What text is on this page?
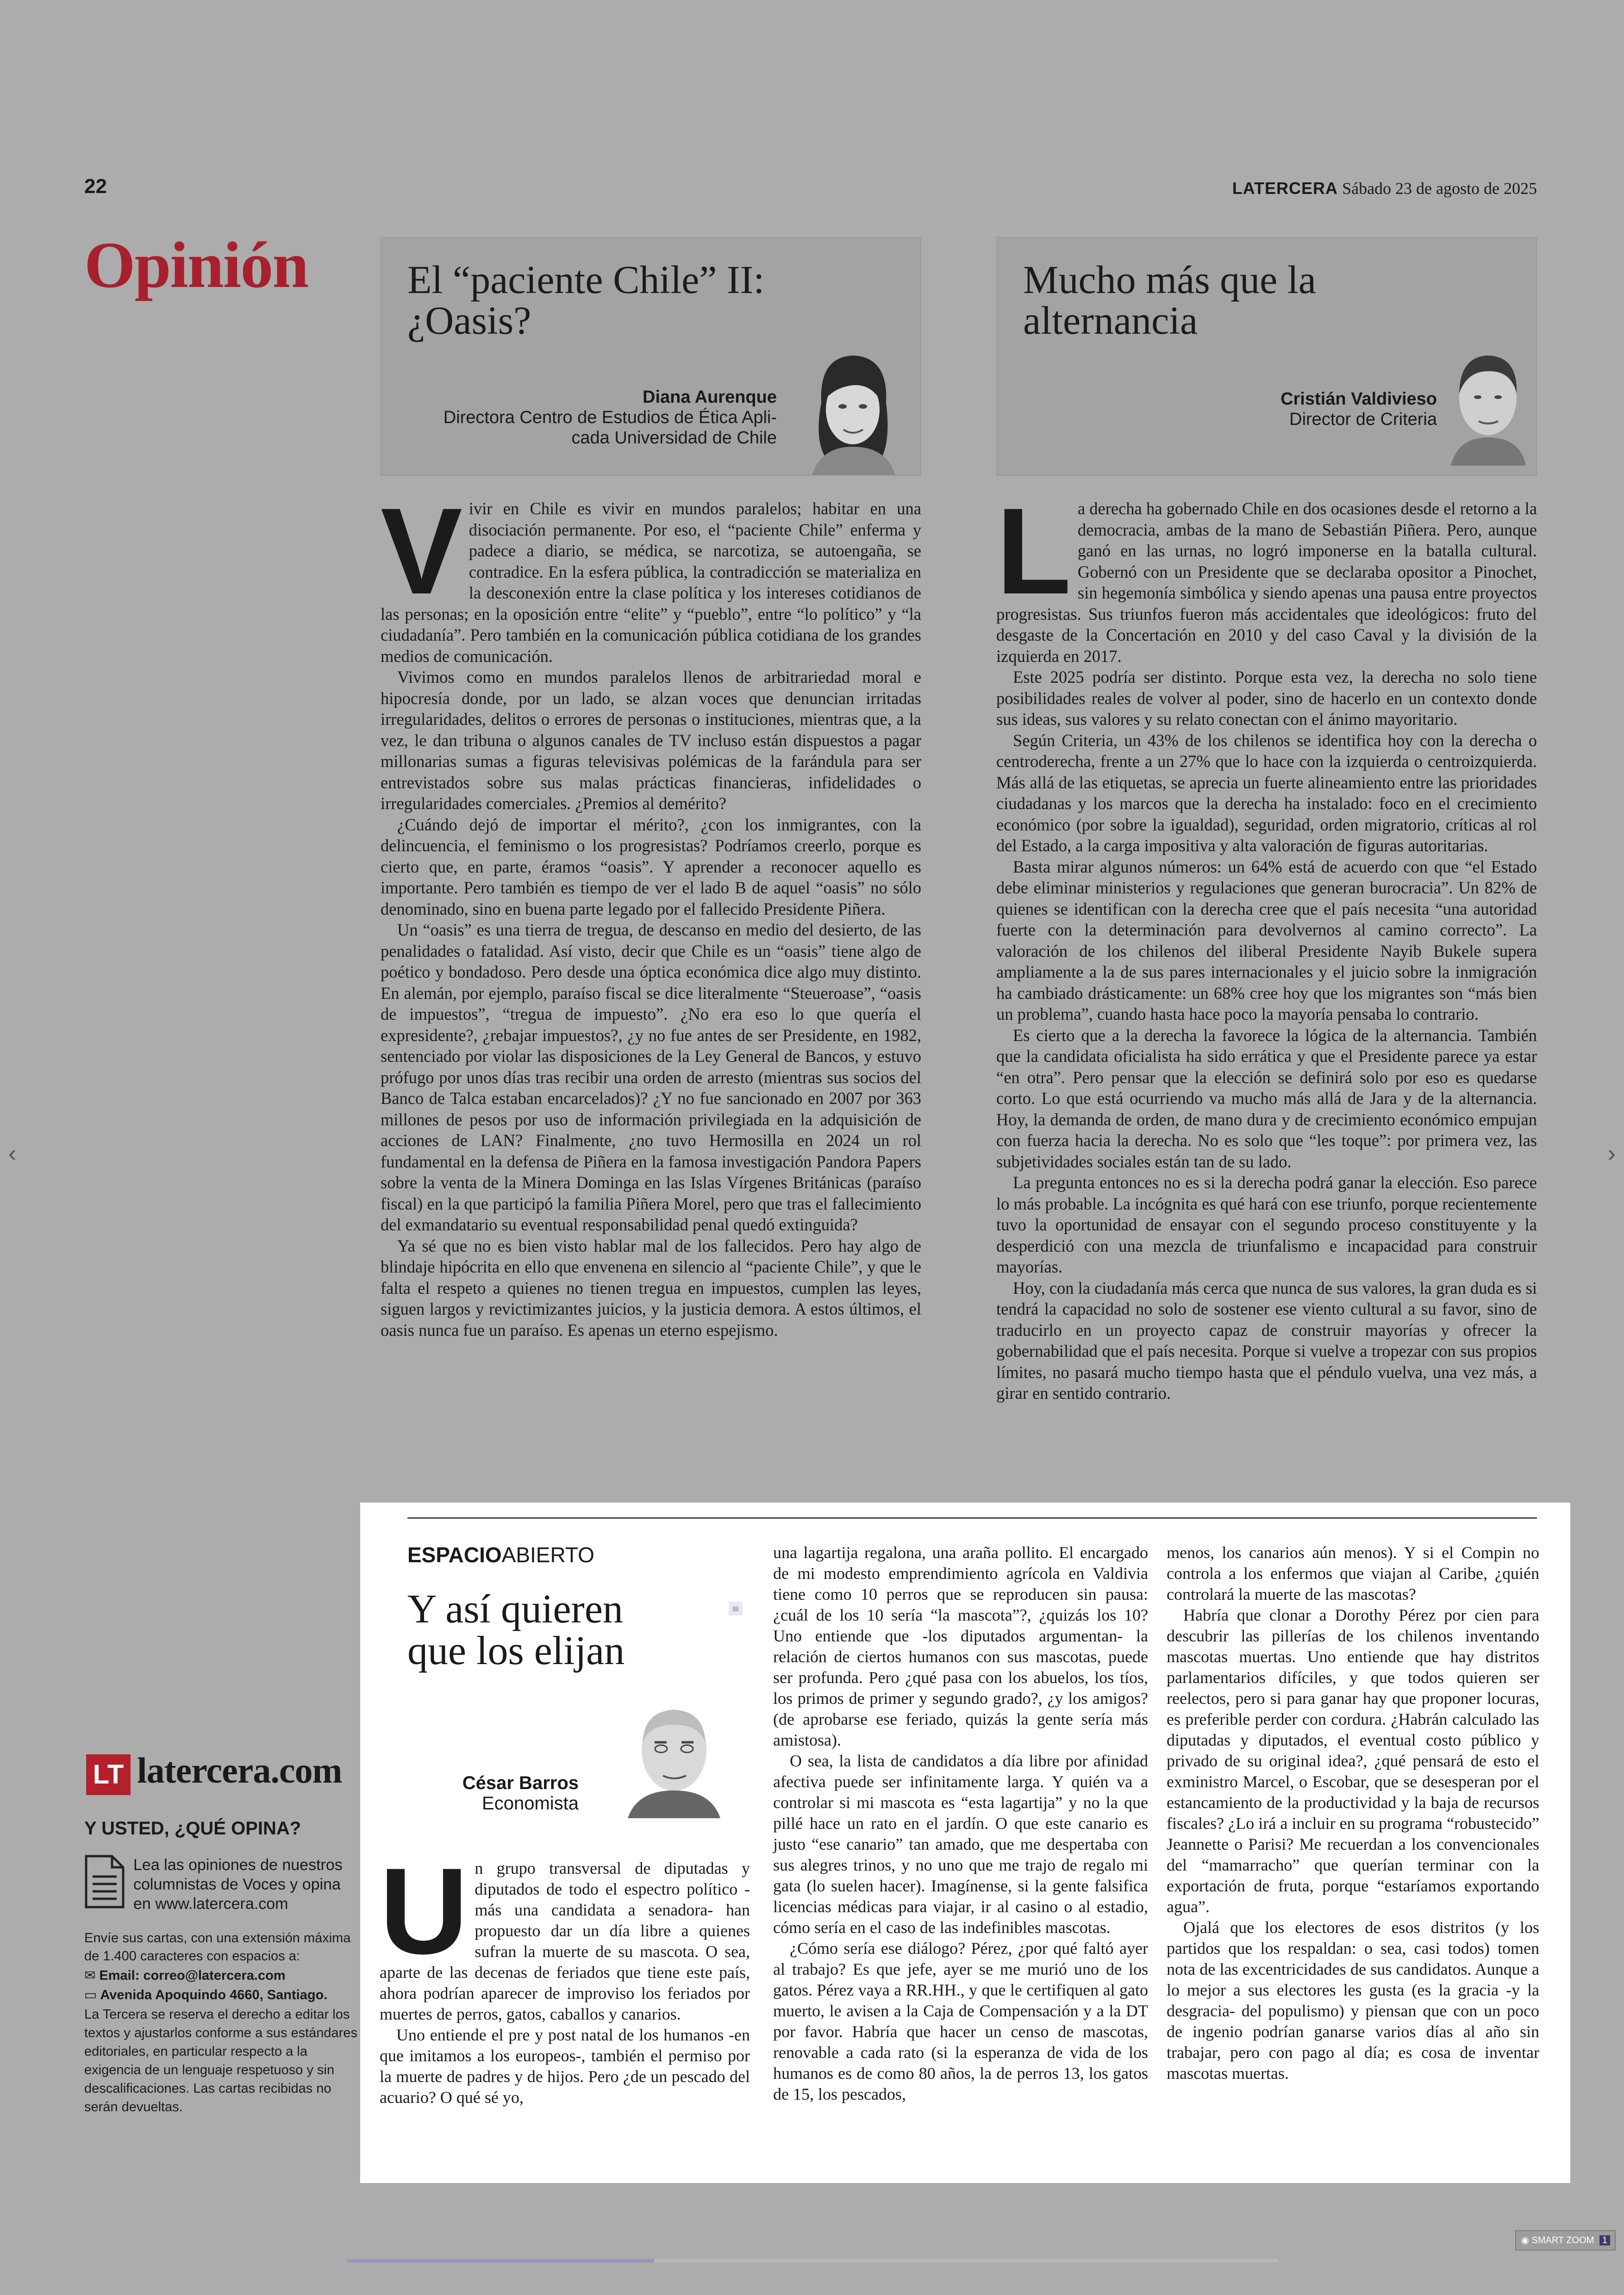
22	LATERCERA Sábado 23 de agosto de 2025
Opinión El “paciente Chile” II:
¿Oasis?
Diana Aurenque
Directora Centro de Estudios de Ética Apli-
cada Universidad de Chile
Mucho más que la
alternancia
Cristián Valdivieso
Director de Criteria

Vivir en Chile es vivir en mundos paralelos; habitar en una disociación permanente. Por eso, el “paciente Chile” enferma y padece a diario, se médica, se narcotiza, se autoengaña, se contradice. En la esfera pública, la contradicción se materializa en la desconexión entre la clase política y los intereses cotidianos de las personas; en la oposición entre “elite” y “pueblo”, entre “lo político” y “la ciudadanía”. Pero también en la comunicación pública cotidiana de los grandes medios de comunicación.

Vivimos como en mundos paralelos llenos de arbitrariedad moral e hipocresía donde, por un lado, se alzan voces que denuncian irritadas irregularidades, delitos o errores de personas o instituciones, mientras que, a la vez, le dan tribuna o algunos canales de TV incluso están dispuestos a pagar millonarias sumas a figuras televisivas polémicas de la farándula para ser entrevistados sobre sus malas prácticas financieras, infidelidades o irregularidades comerciales. ¿Premios al demérito?

¿Cuándo dejó de importar el mérito?, ¿con los inmigrantes, con la delincuencia, el feminismo o los progresistas? Podríamos creerlo, porque es cierto que, en parte, éramos “oasis”. Y aprender a reconocer aquello es importante. Pero también es tiempo de ver el lado B de aquel “oasis” no sólo denominado, sino en buena parte legado por el fallecido Presidente Piñera.

Un “oasis” es una tierra de tregua, de descanso en medio del desierto, de las penalidades o fatalidad. Así visto, decir que Chile es un “oasis” tiene algo de poético y bondadoso. Pero desde una óptica económica dice algo muy distinto. En alemán, por ejemplo, paraíso fiscal se dice literalmente “Steueroase”, “oasis de impuestos”, “tregua de impuesto”. ¿No era eso lo que quería el expresidente?, ¿rebajar impuestos?, ¿y no fue antes de ser Presidente, en 1982, sentenciado por violar las disposiciones de la Ley General de Bancos, y estuvo prófugo por unos días tras recibir una orden de arresto (mientras sus socios del Banco de Talca estaban encarcelados)? ¿Y no fue sancionado en 2007 por 363 millones de pesos por uso de información privilegiada en la adquisición de acciones de LAN? Finalmente, ¿no tuvo Hermosilla en 2024 un rol fundamental en la defensa de Piñera en la famosa investigación Pandora Papers sobre la venta de la Minera Dominga en las Islas Vírgenes Británicas (paraíso fiscal) en la que participó la familia Piñera Morel, pero que tras el fallecimiento del exmandatario su eventual responsabilidad penal quedó extinguida?

Ya sé que no es bien visto hablar mal de los fallecidos. Pero hay algo de blindaje hipócrita en ello que envenena en silencio al “paciente Chile”, y que le falta el respeto a quienes no tienen tregua en impuestos, cumplen las leyes, siguen largos y revictimizantes juicios, y la justicia demora. A estos últimos, el oasis nunca fue un paraíso. Es apenas un eterno espejismo.

La derecha ha gobernado Chile en dos ocasiones desde el retorno a la democracia, ambas de la mano de Sebastián Piñera. Pero, aunque ganó en las urnas, no logró imponerse en la batalla cultural. Gobernó con un Presidente que se declaraba opositor a Pinochet, sin hegemonía simbólica y siendo apenas una pausa entre proyectos progresistas. Sus triunfos fueron más accidentales que ideológicos: fruto del desgaste de la Concertación en 2010 y del caso Caval y la división de la izquierda en 2017.

Este 2025 podría ser distinto. Porque esta vez, la derecha no solo tiene posibilidades reales de volver al poder, sino de hacerlo en un contexto donde sus ideas, sus valores y su relato conectan con el ánimo mayoritario.

Según Criteria, un 43% de los chilenos se identifica hoy con la derecha o centroderecha, frente a un 27% que lo hace con la izquierda o centroizquierda. Más allá de las etiquetas, se aprecia un fuerte alineamiento entre las prioridades ciudadanas y los marcos que la derecha ha instalado: foco en el crecimiento económico (por sobre la igualdad), seguridad, orden migratorio, críticas al rol del Estado, a la carga impositiva y alta valoración de figuras autoritarias.

Basta mirar algunos números: un 64% está de acuerdo con que “el Estado debe eliminar ministerios y regulaciones que generan burocracia”. Un 82% de quienes se identifican con la derecha cree que el país necesita “una autoridad fuerte con la determinación para devolvernos al camino correcto”. La valoración de los chilenos del iliberal Presidente Nayib Bukele supera ampliamente a la de sus pares internacionales y el juicio sobre la inmigración ha cambiado drásticamente: un 68% cree hoy que los migrantes son “más bien un problema”, cuando hasta hace poco la mayoría pensaba lo contrario.

Es cierto que a la derecha la favorece la lógica de la alternancia. También que la candidata oficialista ha sido errática y que el Presidente parece ya estar “en otra”. Pero pensar que la elección se definirá solo por eso es quedarse corto. Lo que está ocurriendo va mucho más allá de Jara y de la alternancia. Hoy, la demanda de orden, de mano dura y de crecimiento económico empujan con fuerza hacia la derecha. No es solo que “les toque”: por primera vez, las subjetividades sociales están tan de su lado.

La pregunta entonces no es si la derecha podrá ganar la elección. Eso parece lo más probable. La incógnita es qué hará con ese triunfo, porque recientemente tuvo la oportunidad de ensayar con el segundo proceso constituyente y la desperdició con una mezcla de triunfalismo e incapacidad para construir mayorías.

Hoy, con la ciudadanía más cerca que nunca de sus valores, la gran duda es si tendrá la capacidad no solo de sostener ese viento cultural a su favor, sino de traducirlo en un proyecto capaz de construir mayorías y ofrecer la gobernabilidad que el país necesita. Porque si vuelve a tropezar con sus propios límites, no pasará mucho tiempo hasta que el péndulo vuelva, una vez más, a girar en sentido contrario.

ESPACIOABIERTO
Y así quieren
que los elijan
César Barros
Economista
≡

Un grupo transversal de diputadas y diputados de todo el espectro político -más una candidata a senadora- han propuesto dar un día libre a quienes sufran la muerte de su mascota. O sea, aparte de las decenas de feriados que tiene este país, ahora podrían aparecer de improviso los feriados por muertes de perros, gatos, caballos y canarios.

Uno entiende el pre y post natal de los humanos -en que imitamos a los europeos-, también el permiso por la muerte de padres y de hijos. Pero ¿de un pescado del acuario? O qué sé yo,

una lagartija regalona, una araña pollito. El encargado de mi modesto emprendimiento agrícola en Valdivia tiene como 10 perros que se reproducen sin pausa: ¿cuál de los 10 sería “la mascota”?, ¿quizás los 10? Uno entiende que -los diputados argumentan- la relación de ciertos humanos con sus mascotas, puede ser profunda. Pero ¿qué pasa con los abuelos, los tíos, los primos de primer y segundo grado?, ¿y los amigos? (de aprobarse ese feriado, quizás la gente sería más amistosa).

O sea, la lista de candidatos a día libre por afinidad afectiva puede ser infinitamente larga. Y quién va a controlar si mi mascota es “esta lagartija” y no la que pillé hace un rato en el jardín. O que este canario es justo “ese canario” tan amado, que me despertaba con sus alegres trinos, y no uno que me trajo de regalo mi gata (lo suelen hacer). Imagínense, si la gente falsifica licencias médicas para viajar, ir al casino o al estadio, cómo sería en el caso de las indefinibles mascotas.

¿Cómo sería ese diálogo? Pérez, ¿por qué faltó ayer al trabajo? Es que jefe, ayer se me murió uno de los gatos. Pérez vaya a RR.HH., y que le certifiquen al gato muerto, le avisen a la Caja de Compensación y a la DT por favor. Habría que hacer un censo de mascotas, renovable a cada rato (si la esperanza de vida de los humanos es de como 80 años, la de perros 13, los gatos de 15, los pescados,

menos, los canarios aún menos). Y si el Compin no controla a los enfermos que viajan al Caribe, ¿quién controlará la muerte de las mascotas?

Habría que clonar a Dorothy Pérez por cien para descubrir las pillerías de los chilenos inventando mascotas muertas. Uno entiende que hay distritos parlamentarios difíciles, y que todos quieren ser reelectos, pero si para ganar hay que proponer locuras, es preferible perder con cordura. ¿Habrán calculado las diputadas y diputados, el eventual costo público y privado de su original idea?, ¿qué pensará de esto el exministro Marcel, o Escobar, que se desesperan por el estancamiento de la productividad y la baja de recursos fiscales? ¿Lo irá a incluir en su programa “robustecido” Jeannette o Parisi? Me recuerdan a los convencionales del “mamarracho” que querían terminar con la exportación de fruta, porque “estaríamos exportando agua”.

Ojalá que los electores de esos distritos (y los partidos que los respaldan: o sea, casi todos) tomen nota de las excentricidades de sus candidatos. Aunque a lo mejor a sus electores les gusta (es la gracia -y la desgracia- del populismo) y piensan que con un poco de ingenio podrían ganarse varios días al año sin trabajar, pero con pago al día; es cosa de inventar mascotas muertas.

LT latercera.com
Y USTED, ¿QUÉ OPINA?
Lea las opiniones de nuestros columnistas de Voces y opina en www.latercera.com
Envíe sus cartas, con una extensión máxima de 1.400 caracteres con espacios a:
✉ Email: correo@latercera.com
▭ Avenida Apoquindo 4660, Santiago.
La Tercera se reserva el derecho a editar los textos y ajustarlos conforme a sus estándares editoriales, en particular respecto a la exigencia de un lenguaje respetuoso y sin descalificaciones. Las cartas recibidas no serán devueltas.
‹	›
◉ SMART ZOOM 1
